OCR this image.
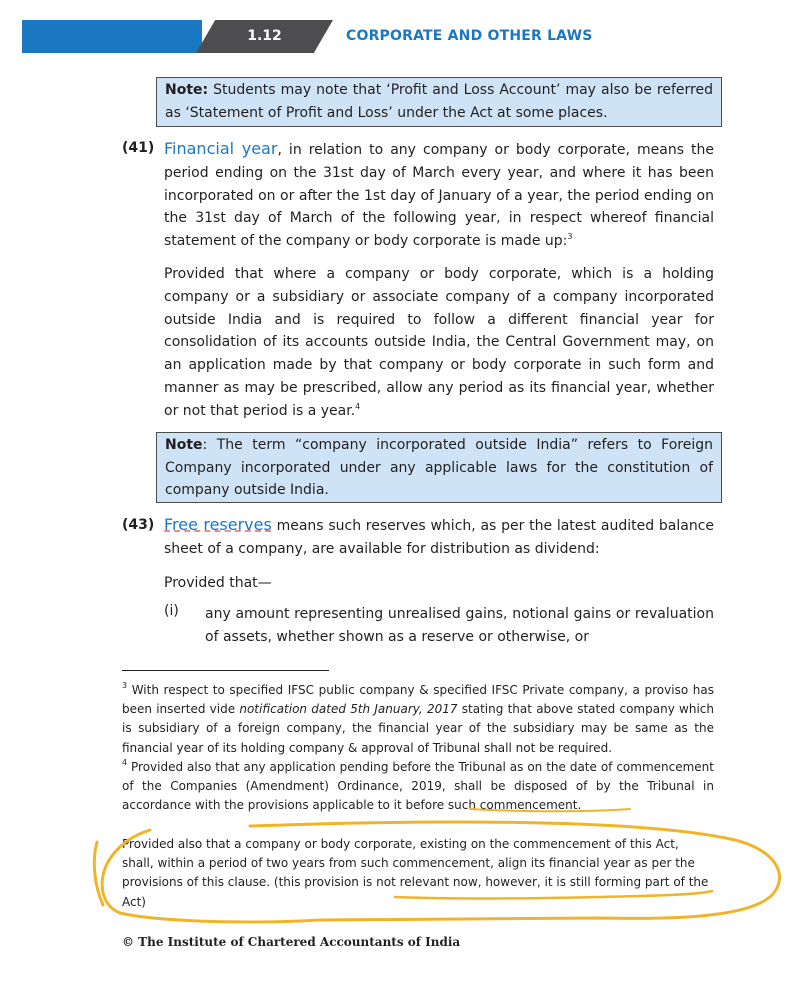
1.12	CORPORATE AND OTHER LAWS
Note: Students may note that ‘Profit and Loss Account’ may also be referred as ‘Statement of Profit and Loss’ under the Act at some places.
(41) Financial year, in relation to any company or body corporate, means the period ending on the 31st day of March every year, and where it has been incorporated on or after the 1st day of January of a year, the period ending on the 31st day of March of the following year, in respect whereof financial statement of the company or body corporate is made up:$^3$
Provided that where a company or body corporate, which is a holding company or a subsidiary or associate company of a company incorporated outside India and is required to follow a different financial year for consolidation of its accounts outside India, the Central Government may, on an application made by that company or body corporate in such form and manner as may be prescribed, allow any period as its financial year, whether or not that period is a year.$^4$
Note: The term “company incorporated outside India” refers to Foreign Company incorporated under any applicable laws for the constitution of company outside India.
(43) Free reserves means such reserves which, as per the latest audited balance sheet of a company, are available for distribution as dividend:
Provided that—
(i) any amount representing unrealised gains, notional gains or revaluation of assets, whether shown as a reserve or otherwise, or
$^3$ With respect to specified IFSC public company & specified IFSC Private company, a proviso has been inserted vide notification dated 5th January, 2017 stating that above stated company which is subsidiary of a foreign company, the financial year of the subsidiary may be same as the financial year of its holding company & approval of Tribunal shall not be required.
$^4$ Provided also that any application pending before the Tribunal as on the date of commencement of the Companies (Amendment) Ordinance, 2019, shall be disposed of by the Tribunal in accordance with the provisions applicable to it before such commencement.
Provided also that a company or body corporate, existing on the commencement of this Act, shall, within a period of two years from such commencement, align its financial year as per the provisions of this clause. (this provision is not relevant now, however, it is still forming part of the Act)
© The Institute of Chartered Accountants of India
